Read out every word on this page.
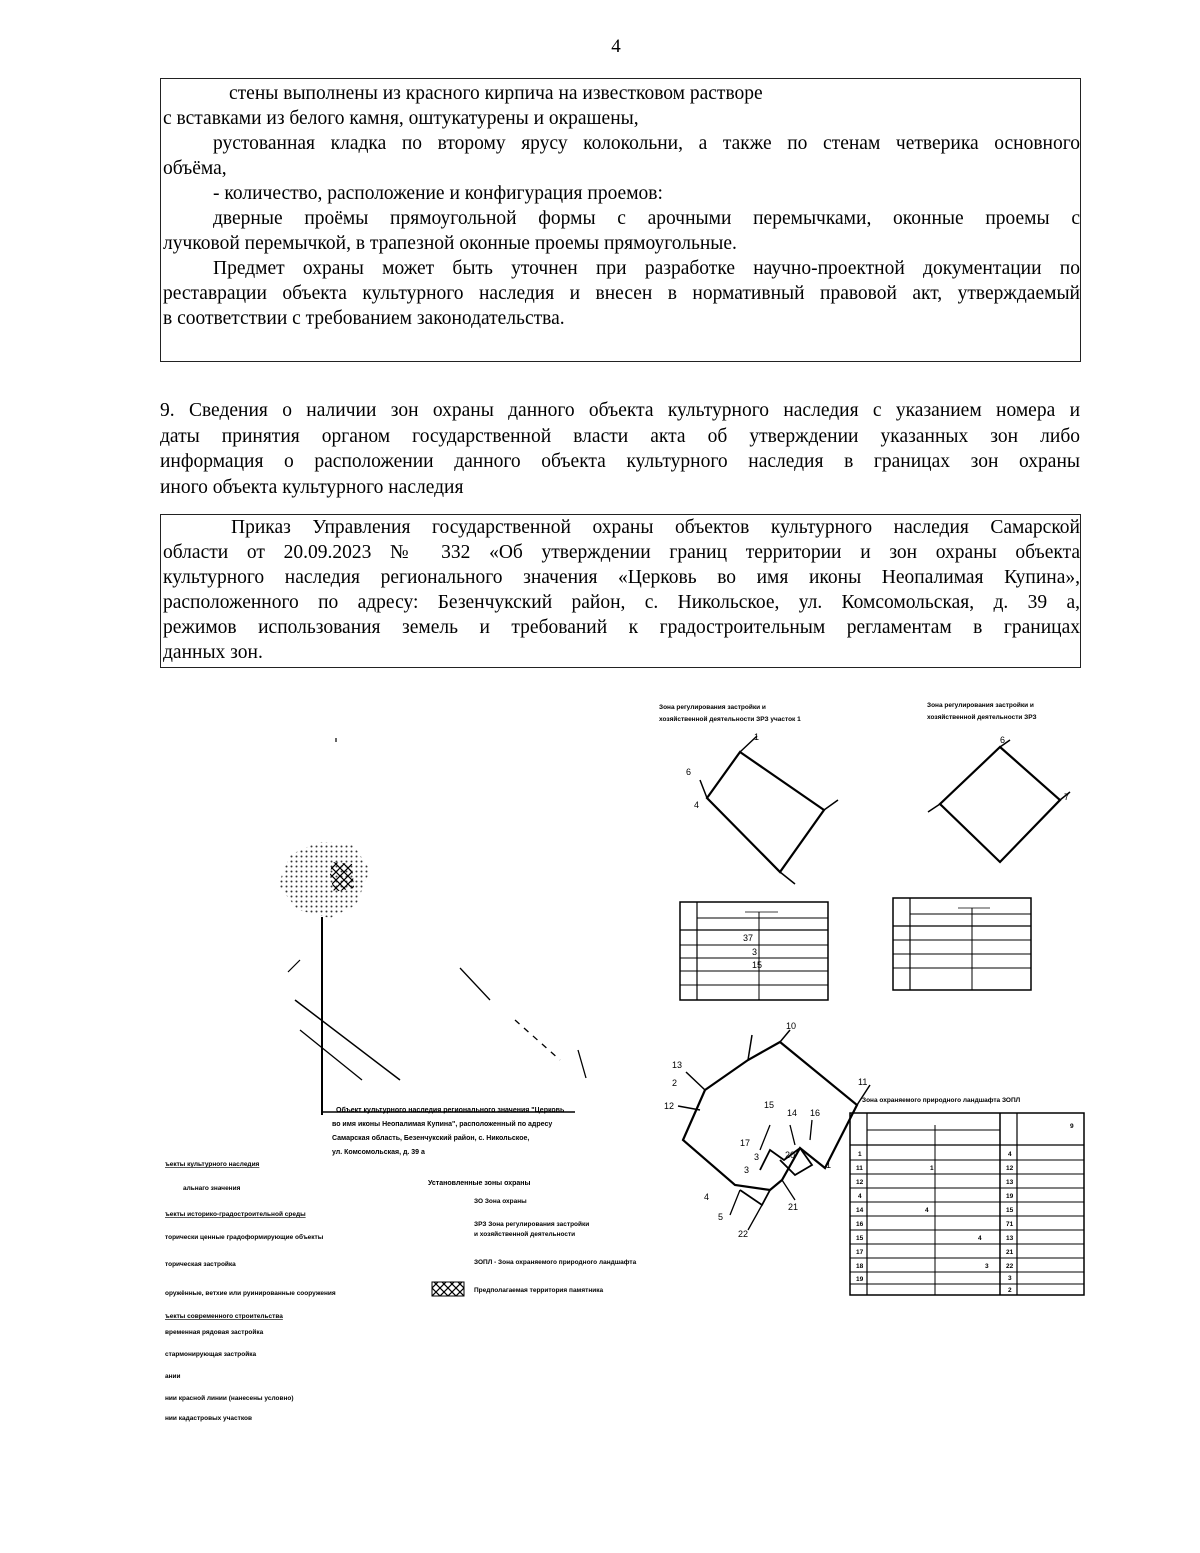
4
стены выполнены из красного кирпича на известковом растворе
с вставками из белого камня, оштукатурены и окрашены,
рустованная кладка по второму ярусу колокольни, а также по стенам четверика основного
объёма,
- количество, расположение и конфигурация проемов:
дверные проёмы прямоугольной формы с арочными перемычками, оконные проемы с
лучковой перемычкой, в трапезной оконные проемы прямоугольные.
Предмет охраны может быть уточнен при разработке научно-проектной документации по
реставрации объекта культурного наследия и внесен в нормативный правовой акт, утверждаемый
в соответствии с требованием законодательства.
9. Сведения о наличии зон охраны данного объекта культурного наследия с указанием номера и
даты принятия органом государственной власти акта об утверждении указанных зон либо
информация о расположении данного объекта культурного наследия в границах зон охраны
иного объекта культурного наследия
Приказ Управления государственной охраны объектов культурного наследия Самарской
области от 20.09.2023 № 332 «Об утверждении границ территории и зон охраны объекта
культурного наследия регионального значения «Церковь во имя иконы Неопалимая Купина»,
расположенного по адресу: Безенчукский район, с. Никольское, ул. Комсомольская, д. 39 а,
режимов использования земель и требований к градостроительным регламентам в границах
данных зон.
Объект культурного наследия регионального значения "Церковь
во имя иконы Неопалимая Купина", расположенный по адресу
Самарская область, Безенчукский район, с. Никольское,
ул. Комсомольская, д. 39 а
ъекты культурного наследия
альнаго значения
ъекты историко-градостроительной среды
торически ценные градоформирующие объекты
торическая застройка
оружённые, ветхие или руинированные сооружения
ъекты современного строительства
временная рядовая застройка
стармонирующая застройка
ании
нии красной линии (нанесены условно)
нии кадастровых участков
Установленные зоны охраны
ЗО Зона охраны
ЗРЗ Зона регулирования застройки
и хозяйственной деятельности
ЗОПЛ - Зона охраняемого природного ландшафта
Предполагаемая территория памятника
Зона регулирования застройки и
хозяйственной деятельности ЗРЗ участок 1
1
6
4
Зона регулирования застройки и
хозяйственной деятельности ЗРЗ
6
7
37
3
15
10
11
13
12
2
15
14 16
17
3
20
1
21
22
4
5
3
Зона охраняемого природного ландшафта ЗОПЛ
1
11
12
4
14
16
15
17
18
19
1
4
4
3
4
12
13
19
15
71
13
21
22
3
2
9
